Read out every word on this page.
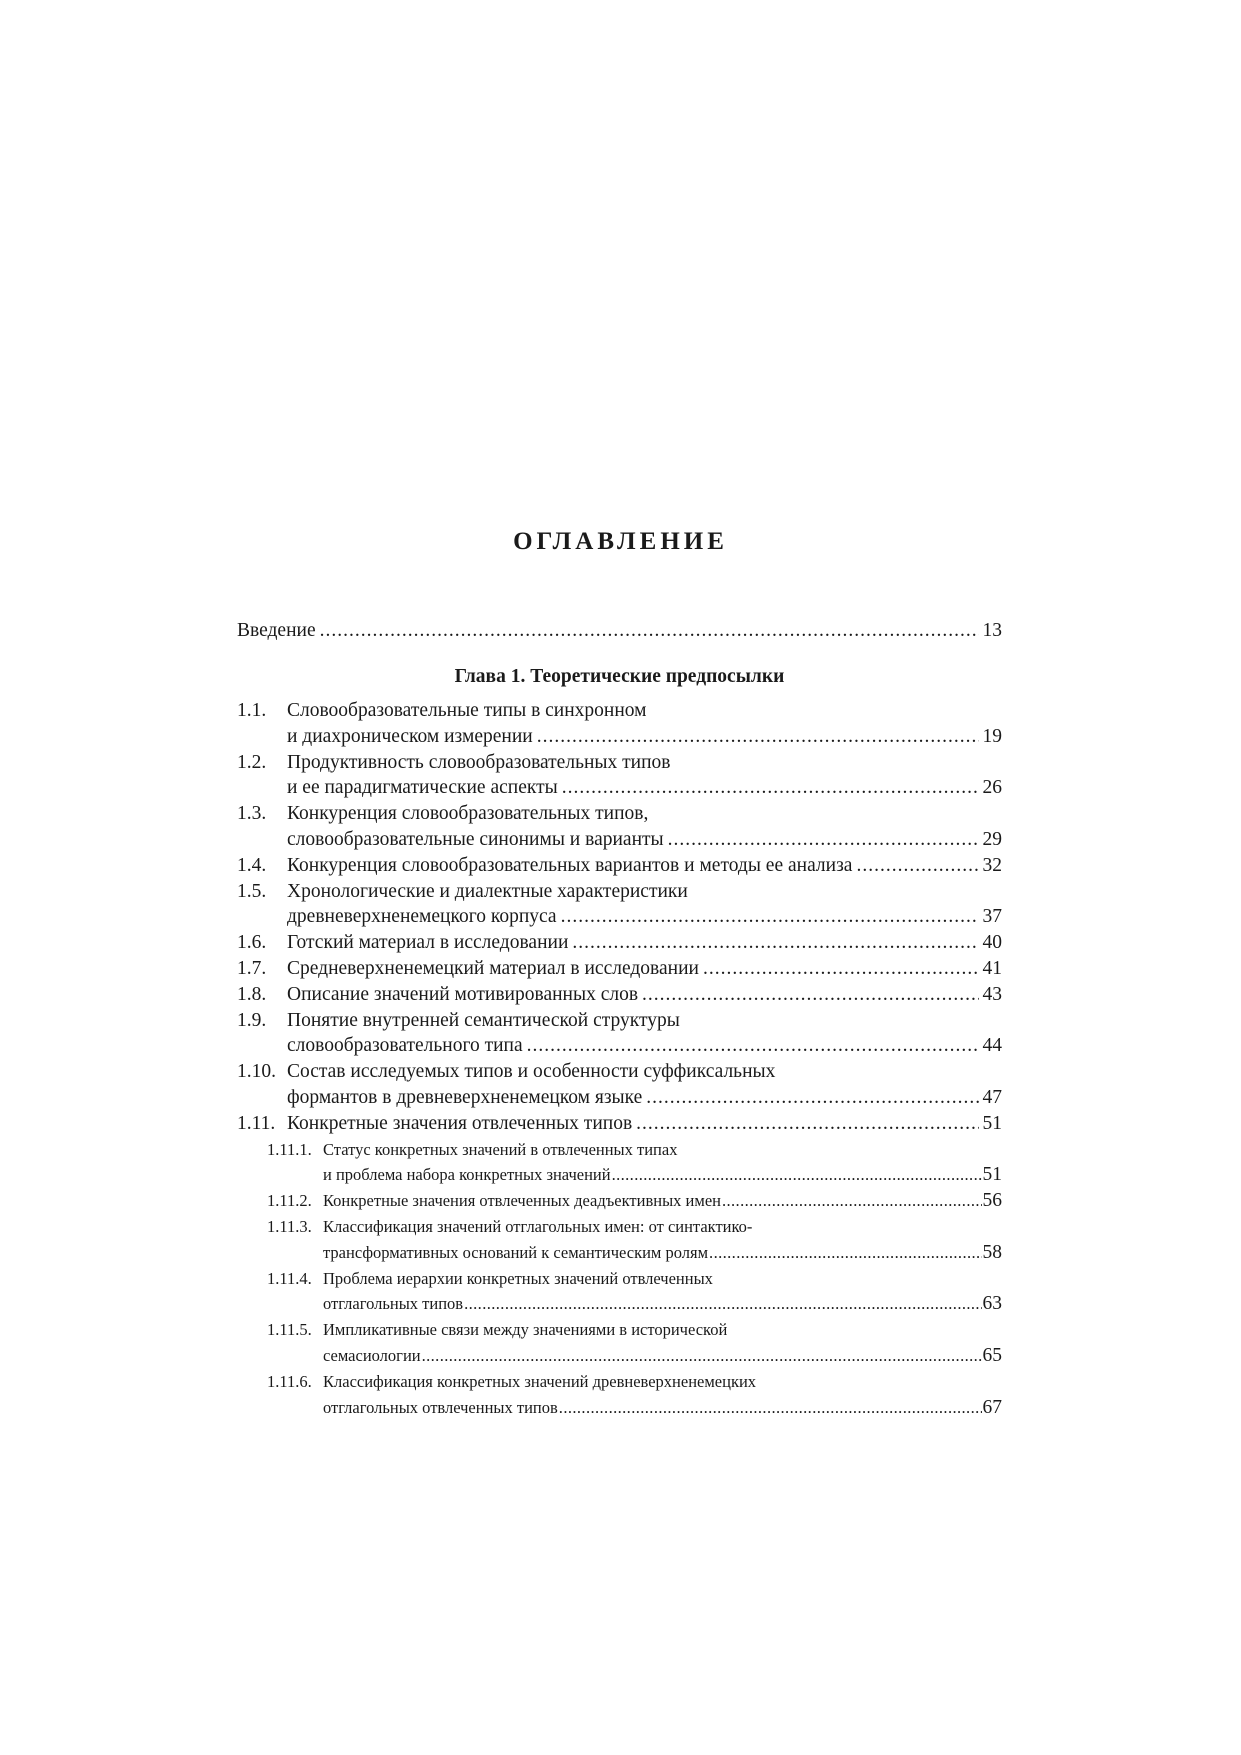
ОГЛАВЛЕНИЕ
Введение .....	13
Глава 1. Теоретические предпосылки
1.1.	Словообразовательные типы в синхронном
и диахроническом измерении .....	19
1.2.	Продуктивность словообразовательных типов
и ее парадигматические аспекты .....	26
1.3.	Конкуренция словообразовательных типов,
словообразовательные синонимы и варианты .....	29
1.4.	Конкуренция словообразовательных вариантов и методы ее анализа .....	32
1.5.	Хронологические и диалектные характеристики
древневерхненемецкого корпуса .....	37
1.6.	Готский материал в исследовании .....	40
1.7.	Средневерхненемецкий материал в исследовании .....	41
1.8.	Описание значений мотивированных слов .....	43
1.9.	Понятие внутренней семантической структуры
словообразовательного типа .....	44
1.10. Состав исследуемых типов и особенности суффиксальных
формантов в древневерхненемецком языке .....	47
1.11. Конкретные значения отвлеченных типов .....	51
1.11.1. Статус конкретных значений в отвлеченных типах
и проблема набора конкретных значений .....	51
1.11.2. Конкретные значения отвлеченных деадъективных имен .....	56
1.11.3. Классификация значений отглагольных имен: от синтактико-
трансформативных оснований к семантическим ролям .....	58
1.11.4. Проблема иерархии конкретных значений отвлеченных
отглагольных типов .....	63
1.11.5. Импликативные связи между значениями в исторической
семасиологии .....	65
1.11.6. Классификация конкретных значений древневерхненемецких
отглагольных отвлеченных типов .....	67
